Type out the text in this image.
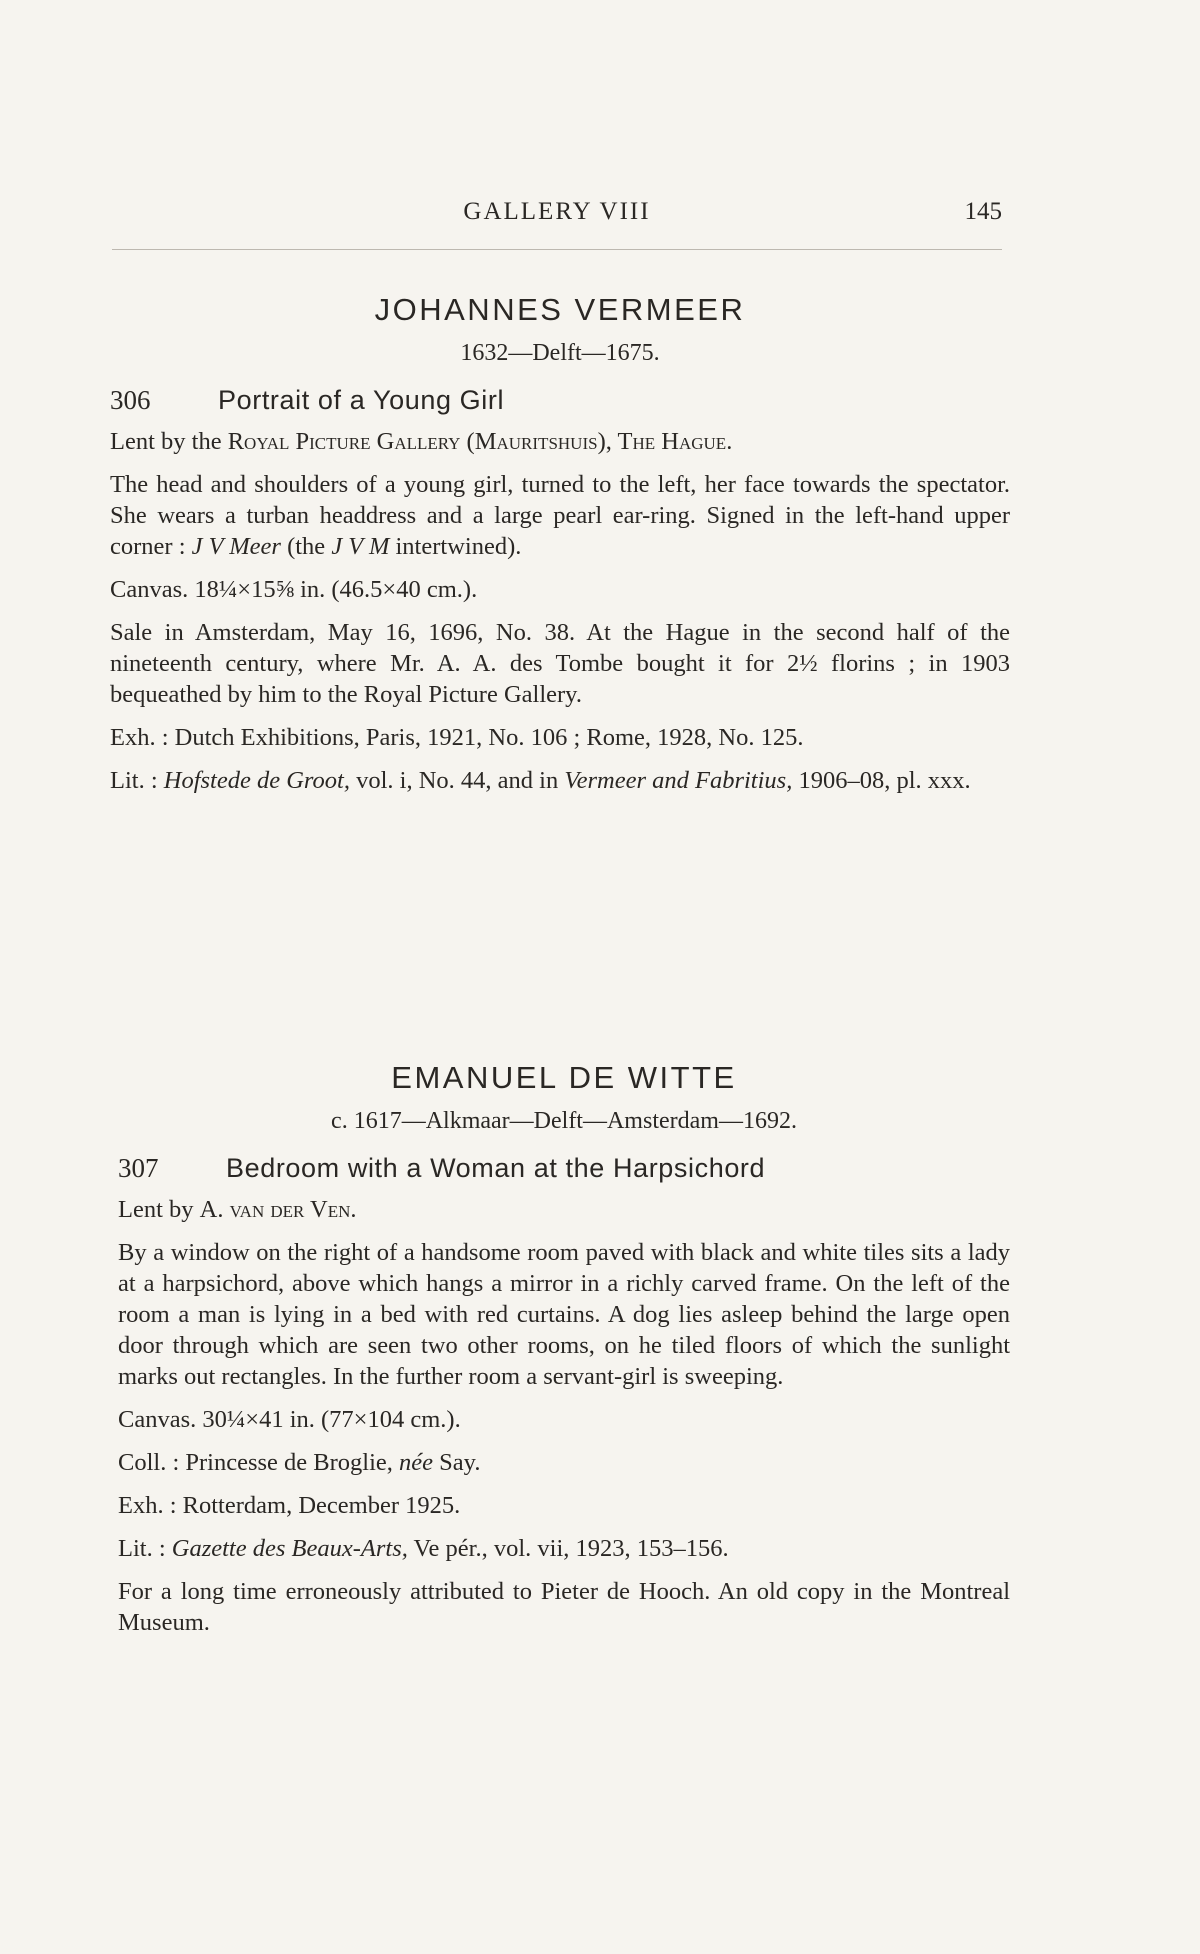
GALLERY VIII	145
JOHANNES VERMEER

1632—Delft—1675.

306	Portrait of a Young Girl

Lent by the Royal Picture Gallery (Mauritshuis), The Hague.

The head and shoulders of a young girl, turned to the left, her face towards the spectator. She wears a turban headdress and a large pearl ear-ring. Signed in the left-hand upper corner : J V Meer (the J V M intertwined).

Canvas. 18¼×15⅝ in. (46.5×40 cm.).

Sale in Amsterdam, May 16, 1696, No. 38. At the Hague in the second half of the nineteenth century, where Mr. A. A. des Tombe bought it for 2½ florins ; in 1903 bequeathed by him to the Royal Picture Gallery.

Exh. : Dutch Exhibitions, Paris, 1921, No. 106 ; Rome, 1928, No. 125.

Lit. : Hofstede de Groot, vol. i, No. 44, and in Vermeer and Fabritius, 1906–08, pl. xxx.

EMANUEL DE WITTE

c. 1617—Alkmaar—Delft—Amsterdam—1692.

307	Bedroom with a Woman at the Harpsichord

Lent by A. van der Ven.

By a window on the right of a handsome room paved with black and white tiles sits a lady at a harpsichord, above which hangs a mirror in a richly carved frame. On the left of the room a man is lying in a bed with red curtains. A dog lies asleep behind the large open door through which are seen two other rooms, on he tiled floors of which the sunlight marks out rectangles. In the further room a servant-girl is sweeping.

Canvas. 30¼×41 in. (77×104 cm.).

Coll. : Princesse de Broglie, née Say.

Exh. : Rotterdam, December 1925.

Lit. : Gazette des Beaux-Arts, Ve pér., vol. vii, 1923, 153–156.

For a long time erroneously attributed to Pieter de Hooch. An old copy in the Montreal Museum.
